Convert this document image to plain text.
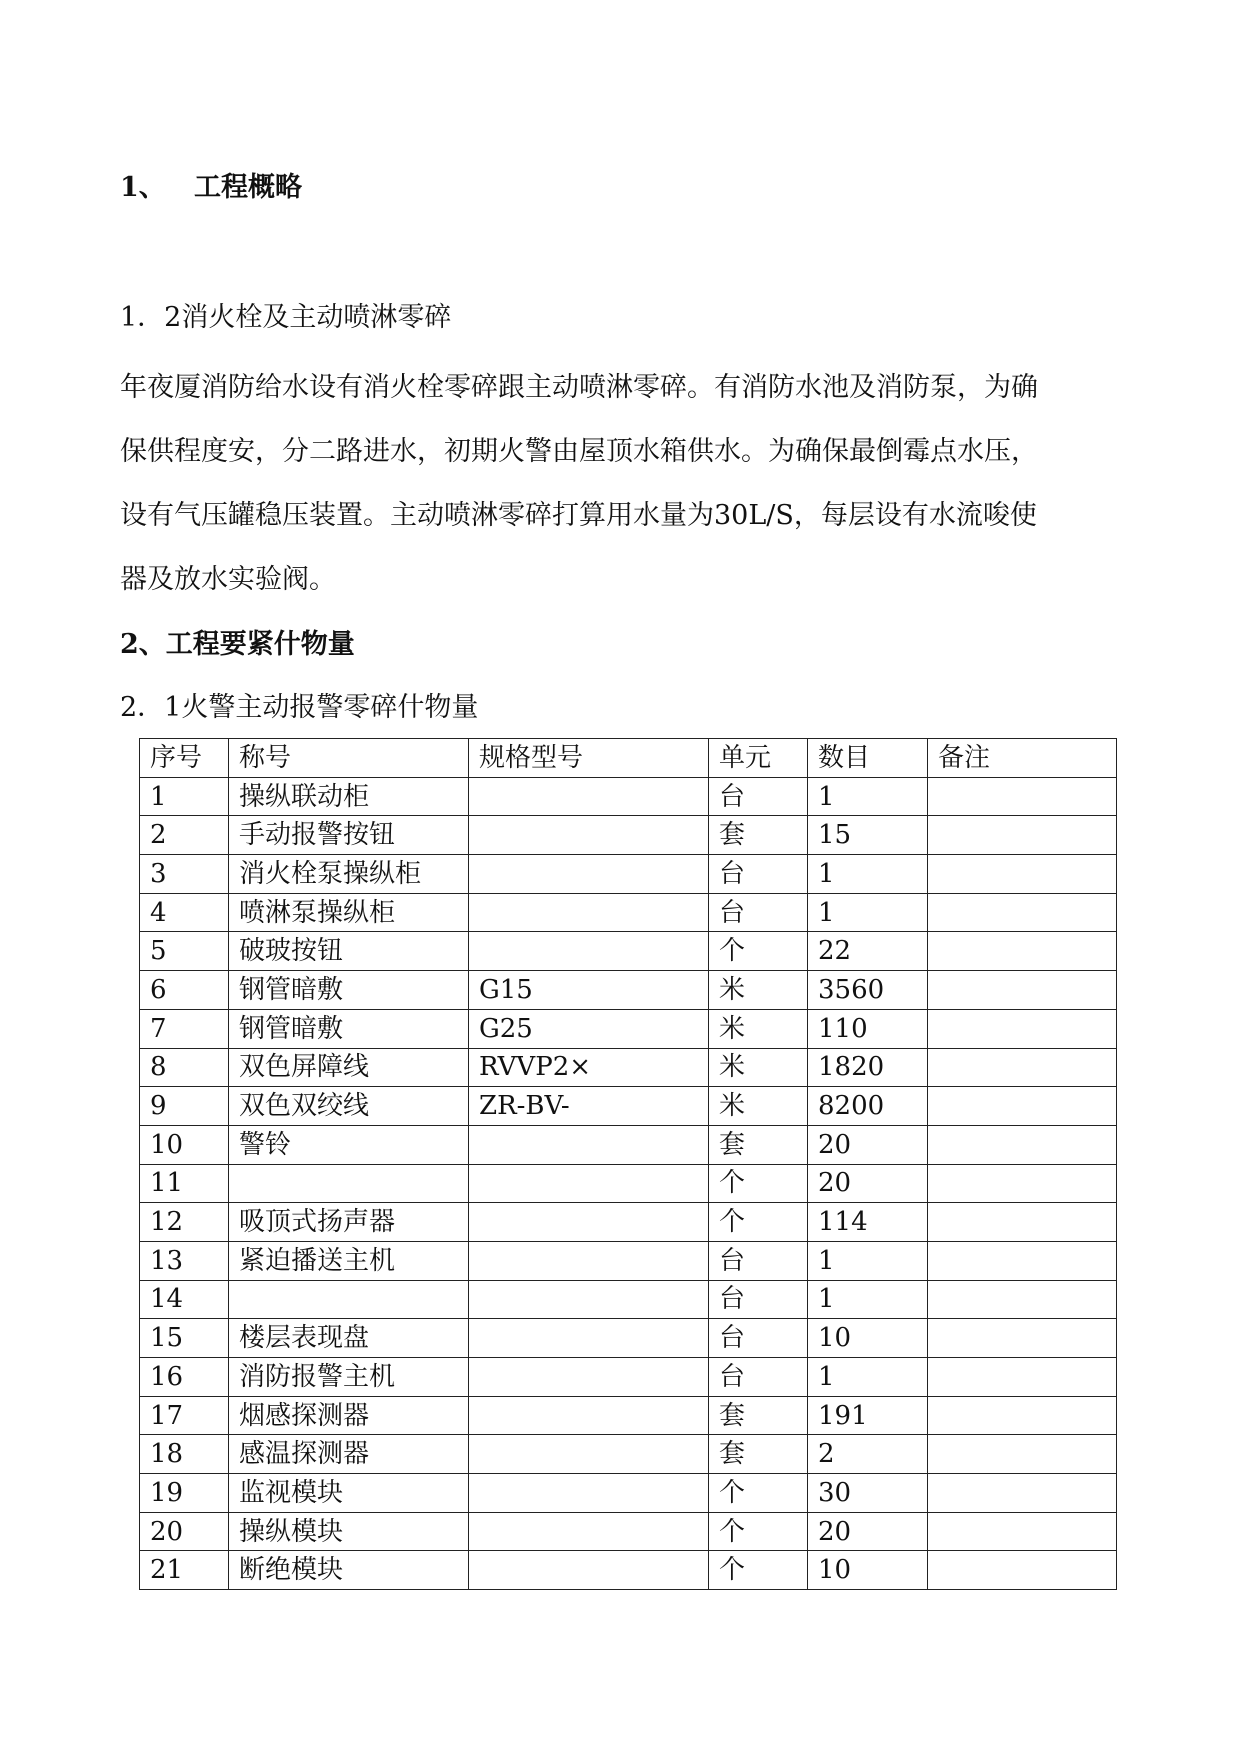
1、 工程概略
1．2消火栓及主动喷淋零碎
年夜厦消防给水设有消火栓零碎跟主动喷淋零碎。有消防水池及消防泵，为确
保供程度安，分二路进水，初期火警由屋顶水箱供水。为确保最倒霉点水压，
设有气压罐稳压装置。主动喷淋零碎打算用水量为30L/S，每层设有水流唆使
器及放水实验阀。
2、工程要紧什物量
2．1火警主动报警零碎什物量
序号	称号	规格型号	单元	数目	备注
1	操纵联动柜		台	1	
2	手动报警按钮		套	15	
3	消火栓泵操纵柜		台	1	
4	喷淋泵操纵柜		台	1	
5	破玻按钮		个	22	
6	钢管暗敷	G15	米	3560	
7	钢管暗敷	G25	米	110	
8	双色屏障线	RVVP2×	米	1820	
9	双色双绞线	ZR-BV-	米	8200	
10	警铃		套	20	
11			个	20	
12	吸顶式扬声器		个	114	
13	紧迫播送主机		台	1	
14			台	1	
15	楼层表现盘		台	10	
16	消防报警主机		台	1	
17	烟感探测器		套	191	
18	感温探测器		套	2	
19	监视模块		个	30	
20	操纵模块		个	20	
21	断绝模块		个	10	
